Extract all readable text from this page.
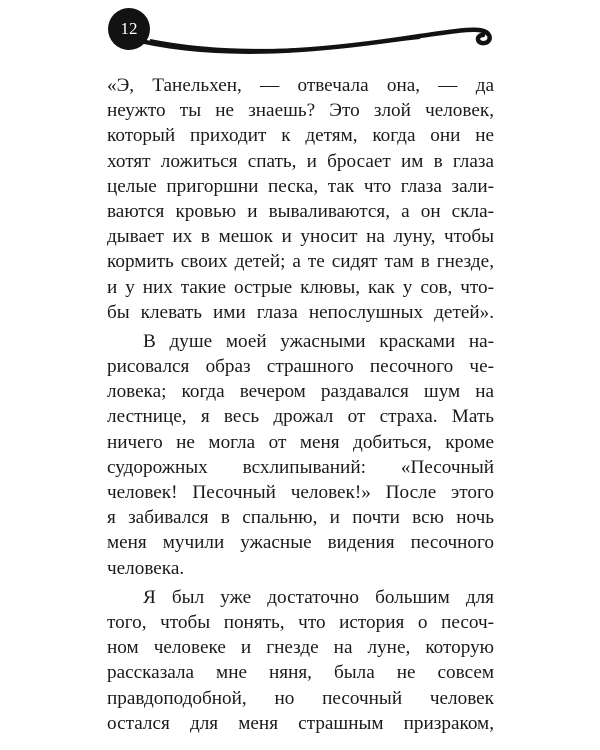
12

«Э, Танельхен, — отвечала она, — да
неужто ты не знаешь? Это злой человек,
который приходит к детям, когда они не
хотят ложиться спать, и бросает им в глаза
целые пригоршни песка, так что глаза зали-
ваются кровью и вываливаются, а он скла-
дывает их в мешок и уносит на луну, чтобы
кормить своих детей; а те сидят там в гнезде,
и у них такие острые клювы, как у сов, что-
бы клевать ими глаза непослушных детей».

В душе моей ужасными красками на-
рисовался образ страшного песочного че-
ловека; когда вечером раздавался шум на
лестнице, я весь дрожал от страха. Мать
ничего не могла от меня добиться, кроме
судорожных всхлипываний: «Песочный
человек! Песочный человек!» После этого
я забивался в спальню, и почти всю ночь
меня мучили ужасные видения песочного
человека.

Я был уже достаточно большим для
того, чтобы понять, что история о песоч-
ном человеке и гнезде на луне, которую
рассказала мне няня, была не совсем
правдоподобной, но песочный человек
остался для меня страшным призраком,
